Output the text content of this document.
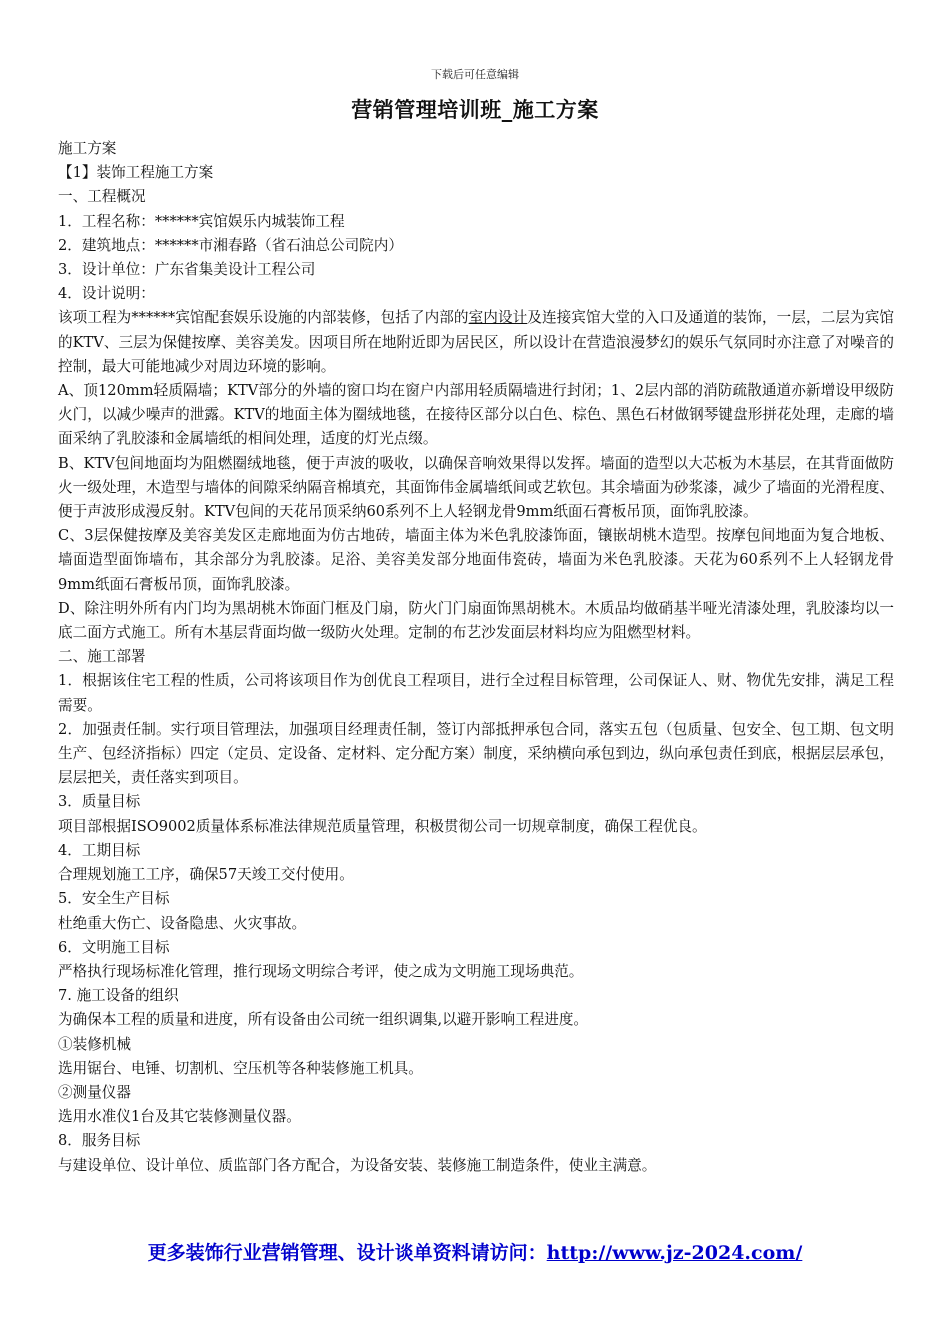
下载后可任意编辑
营销管理培训班_施工方案

施工方案

【1】装饰工程施工方案

一、工程概况

1．工程名称：******宾馆娱乐内城装饰工程

2．建筑地点：******市湘春路（省石油总公司院内）

3．设计单位：广东省集美设计工程公司

4．设计说明：

该项工程为******宾馆配套娱乐设施的内部装修，包括了内部的室内设计及连接宾馆大堂的入口及通道的装饰，一层，二层为宾馆的KTV、三层为保健按摩、美容美发。因项目所在地附近即为居民区，所以设计在营造浪漫梦幻的娱乐气氛同时亦注意了对噪音的控制，最大可能地减少对周边环境的影响。

A、顶120mm轻质隔墙；KTV部分的外墙的窗口均在窗户内部用轻质隔墙进行封闭；1、2层内部的消防疏散通道亦新增设甲级防火门，以减少噪声的泄露。KTV的地面主体为圈绒地毯，在接待区部分以白色、棕色、黑色石材做钢琴键盘形拼花处理，走廊的墙面采纳了乳胶漆和金属墙纸的相间处理，适度的灯光点缀。

B、KTV包间地面均为阻燃圈绒地毯，便于声波的吸收，以确保音响效果得以发挥。墙面的造型以大芯板为木基层，在其背面做防火一级处理，木造型与墙体的间隙采纳隔音棉填充，其面饰伟金属墙纸间或艺软包。其余墙面为砂浆漆，减少了墙面的光滑程度、便于声波形成漫反射。KTV包间的天花吊顶采纳60系列不上人轻钢龙骨9mm纸面石膏板吊顶，面饰乳胶漆。

C、3层保健按摩及美容美发区走廊地面为仿古地砖，墙面主体为米色乳胶漆饰面，镶嵌胡桃木造型。按摩包间地面为复合地板、墙面造型面饰墙布，其余部分为乳胶漆。足浴、美容美发部分地面伟瓷砖，墙面为米色乳胶漆。天花为60系列不上人轻钢龙骨9mm纸面石膏板吊顶，面饰乳胶漆。

D、除注明外所有内门均为黑胡桃木饰面门框及门扇，防火门门扇面饰黑胡桃木。木质品均做硝基半哑光清漆处理，乳胶漆均以一底二面方式施工。所有木基层背面均做一级防火处理。定制的布艺沙发面层材料均应为阻燃型材料。

二、施工部署

1．根据该住宅工程的性质，公司将该项目作为创优良工程项目，进行全过程目标管理，公司保证人、财、物优先安排，满足工程需要。

2．加强责任制。实行项目管理法，加强项目经理责任制，签订内部抵押承包合同，落实五包（包质量、包安全、包工期、包文明生产、包经济指标）四定（定员、定设备、定材料、定分配方案）制度，采纳横向承包到边，纵向承包责任到底，根据层层承包，层层把关，责任落实到项目。

3．质量目标

项目部根据ISO9002质量体系标准法律规范质量管理，积极贯彻公司一切规章制度，确保工程优良。

4．工期目标

合理规划施工工序，确保57天竣工交付使用。

5．安全生产目标

杜绝重大伤亡、设备隐患、火灾事故。

6．文明施工目标

严格执行现场标准化管理，推行现场文明综合考评，使之成为文明施工现场典范。

7. 施工设备的组织

为确保本工程的质量和进度，所有设备由公司统一组织调集,以避开影响工程进度。

①装修机械

选用锯台、电锤、切割机、空压机等各种装修施工机具。

②测量仪器

选用水准仪1台及其它装修测量仪器。

8．服务目标

与建设单位、设计单位、质监部门各方配合，为设备安装、装修施工制造条件，使业主满意。

更多装饰行业营销管理、设计谈单资料请访问：http://www.jz-2024.com/
